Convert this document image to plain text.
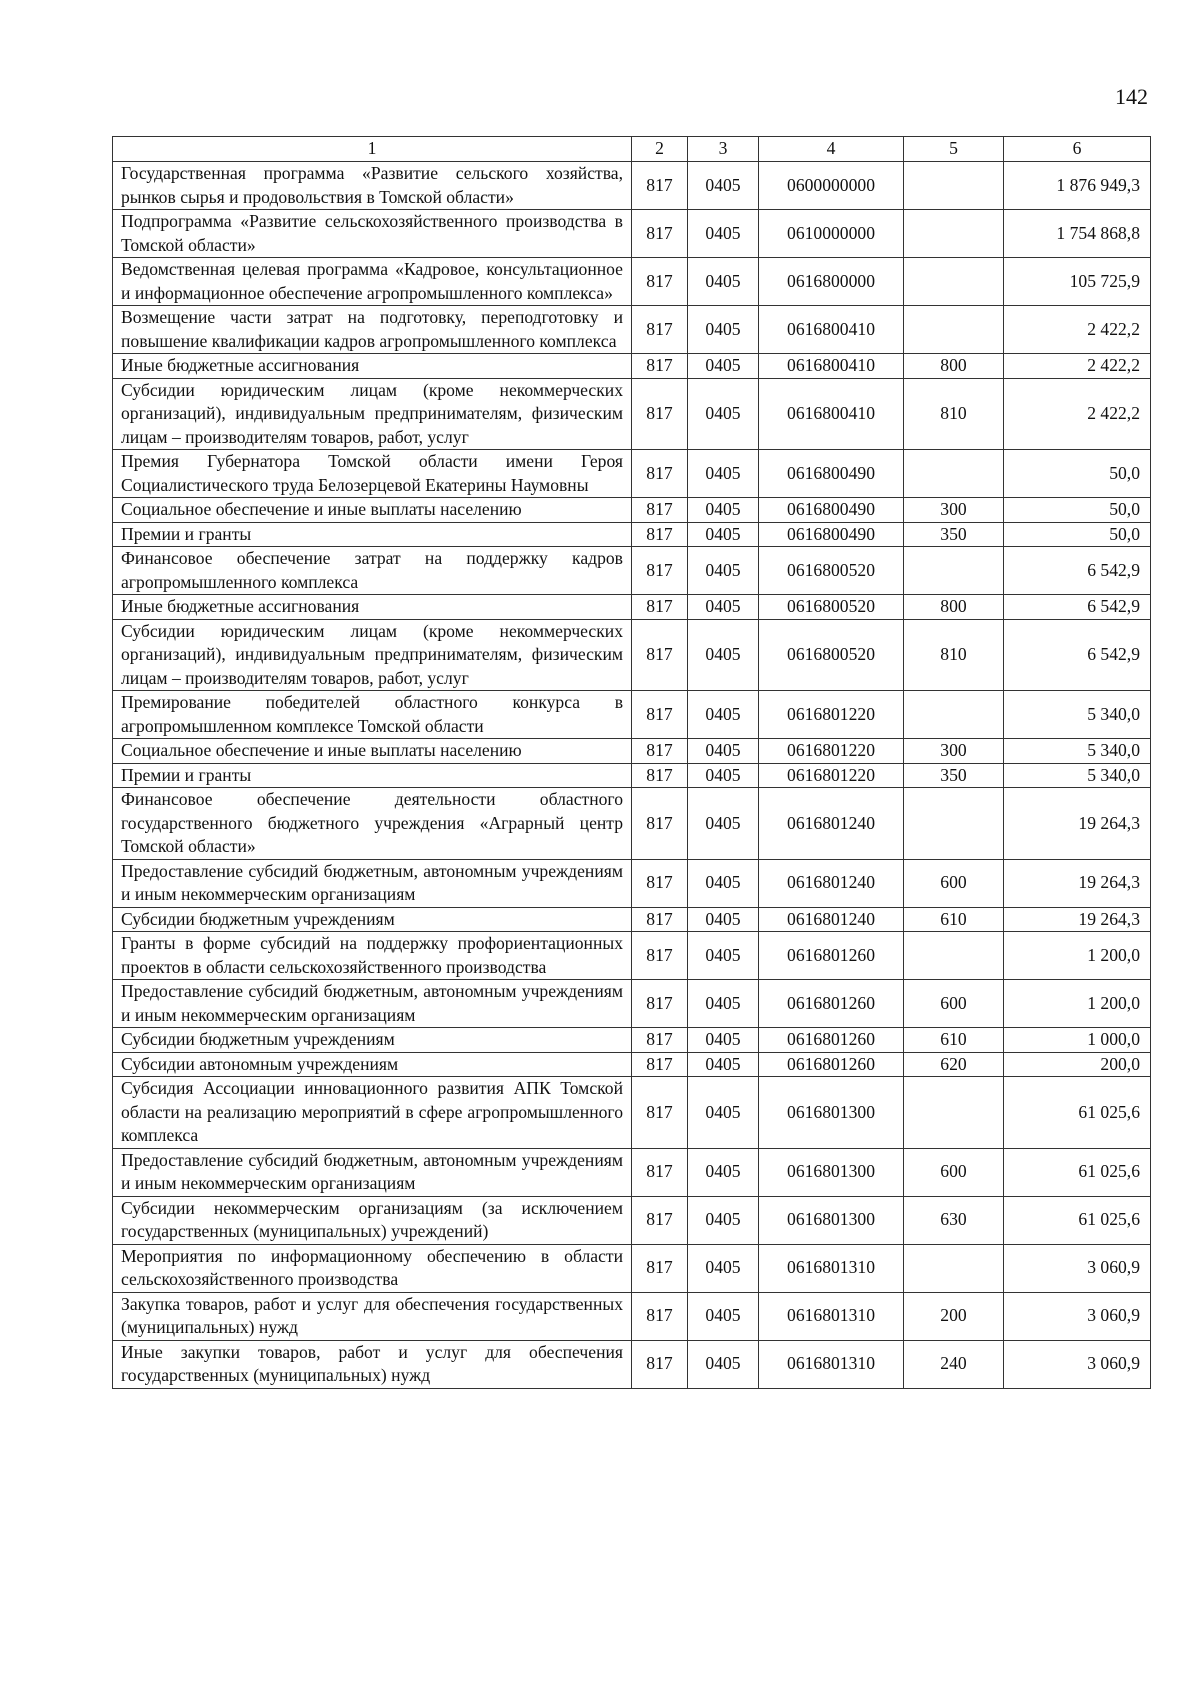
142
1	2	3	4	5	6
Государственная программа «Развитие сельского хозяйства, рынков сырья и продовольствия в Томской области»	817	0405	0600000000		1 876 949,3
Подпрограмма «Развитие сельскохозяйственного производства в Томской области»	817	0405	0610000000		1 754 868,8
Ведомственная целевая программа «Кадровое, консультационное и информационное обеспечение агропромышленного комплекса»	817	0405	0616800000		105 725,9
Возмещение части затрат на подготовку, переподготовку и повышение квалификации кадров агропромышленного комплекса	817	0405	0616800410		2 422,2
Иные бюджетные ассигнования	817	0405	0616800410	800	2 422,2
Субсидии юридическим лицам (кроме некоммерческих организаций), индивидуальным предпринимателям, физическим лицам – производителям товаров, работ, услуг	817	0405	0616800410	810	2 422,2
Премия Губернатора Томской области имени Героя Социалистического труда Белозерцевой Екатерины Наумовны	817	0405	0616800490		50,0
Социальное обеспечение и иные выплаты населению	817	0405	0616800490	300	50,0
Премии и гранты	817	0405	0616800490	350	50,0
Финансовое обеспечение затрат на поддержку кадров агропромышленного комплекса	817	0405	0616800520		6 542,9
Иные бюджетные ассигнования	817	0405	0616800520	800	6 542,9
Субсидии юридическим лицам (кроме некоммерческих организаций), индивидуальным предпринимателям, физическим лицам – производителям товаров, работ, услуг	817	0405	0616800520	810	6 542,9
Премирование победителей областного конкурса в агропромышленном комплексе Томской области	817	0405	0616801220		5 340,0
Социальное обеспечение и иные выплаты населению	817	0405	0616801220	300	5 340,0
Премии и гранты	817	0405	0616801220	350	5 340,0
Финансовое обеспечение деятельности областного государственного бюджетного учреждения «Аграрный центр Томской области»	817	0405	0616801240		19 264,3
Предоставление субсидий бюджетным, автономным учреждениям и иным некоммерческим организациям	817	0405	0616801240	600	19 264,3
Субсидии бюджетным учреждениям	817	0405	0616801240	610	19 264,3
Гранты в форме субсидий на поддержку профориентационных проектов в области сельскохозяйственного производства	817	0405	0616801260		1 200,0
Предоставление субсидий бюджетным, автономным учреждениям и иным некоммерческим организациям	817	0405	0616801260	600	1 200,0
Субсидии бюджетным учреждениям	817	0405	0616801260	610	1 000,0
Субсидии автономным учреждениям	817	0405	0616801260	620	200,0
Субсидия Ассоциации инновационного развития АПК Томской области на реализацию мероприятий в сфере агропромышленного комплекса	817	0405	0616801300		61 025,6
Предоставление субсидий бюджетным, автономным учреждениям и иным некоммерческим организациям	817	0405	0616801300	600	61 025,6
Субсидии некоммерческим организациям (за исключением государственных (муниципальных) учреждений)	817	0405	0616801300	630	61 025,6
Мероприятия по информационному обеспечению в области сельскохозяйственного производства	817	0405	0616801310		3 060,9
Закупка товаров, работ и услуг для обеспечения государственных (муниципальных) нужд	817	0405	0616801310	200	3 060,9
Иные закупки товаров, работ и услуг для обеспечения государственных (муниципальных) нужд	817	0405	0616801310	240	3 060,9
